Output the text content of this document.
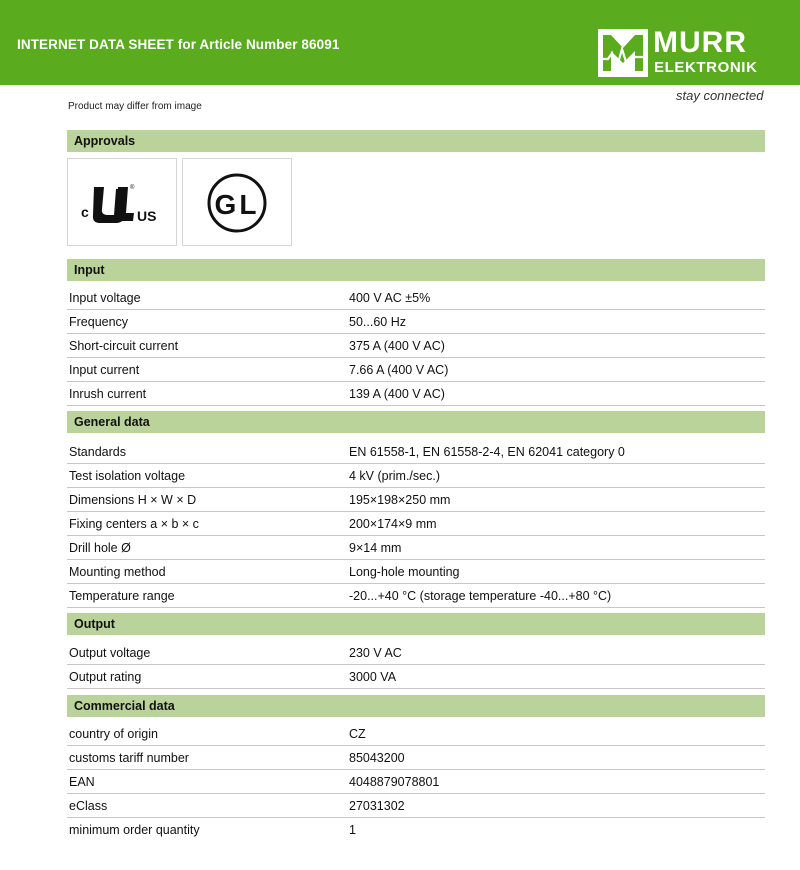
INTERNET DATA SHEET for Article Number 86091	MURR
ELEKTRONIK
stay connected
Product may differ from image
Approvals
c	US
®
GL
Input
Input voltage	400 V AC ±5%
Frequency	50...60 Hz
Short-circuit current	375 A (400 V AC)
Input current	7.66 A (400 V AC)
Inrush current	139 A (400 V AC)
General data
Standards	EN 61558-1, EN 61558-2-4, EN 62041 category 0
Test isolation voltage	4 kV (prim./sec.)
Dimensions H × W × D	195×198×250 mm
Fixing centers a × b × c	200×174×9 mm
Drill hole Ø	9×14 mm
Mounting method	Long-hole mounting
Temperature range	-20...+40 °C (storage temperature -40...+80 °C)
Output
Output voltage	230 V AC
Output rating	3000 VA
Commercial data
country of origin	CZ
customs tariff number	85043200
EAN	4048879078801
eClass	27031302
minimum order quantity	1
